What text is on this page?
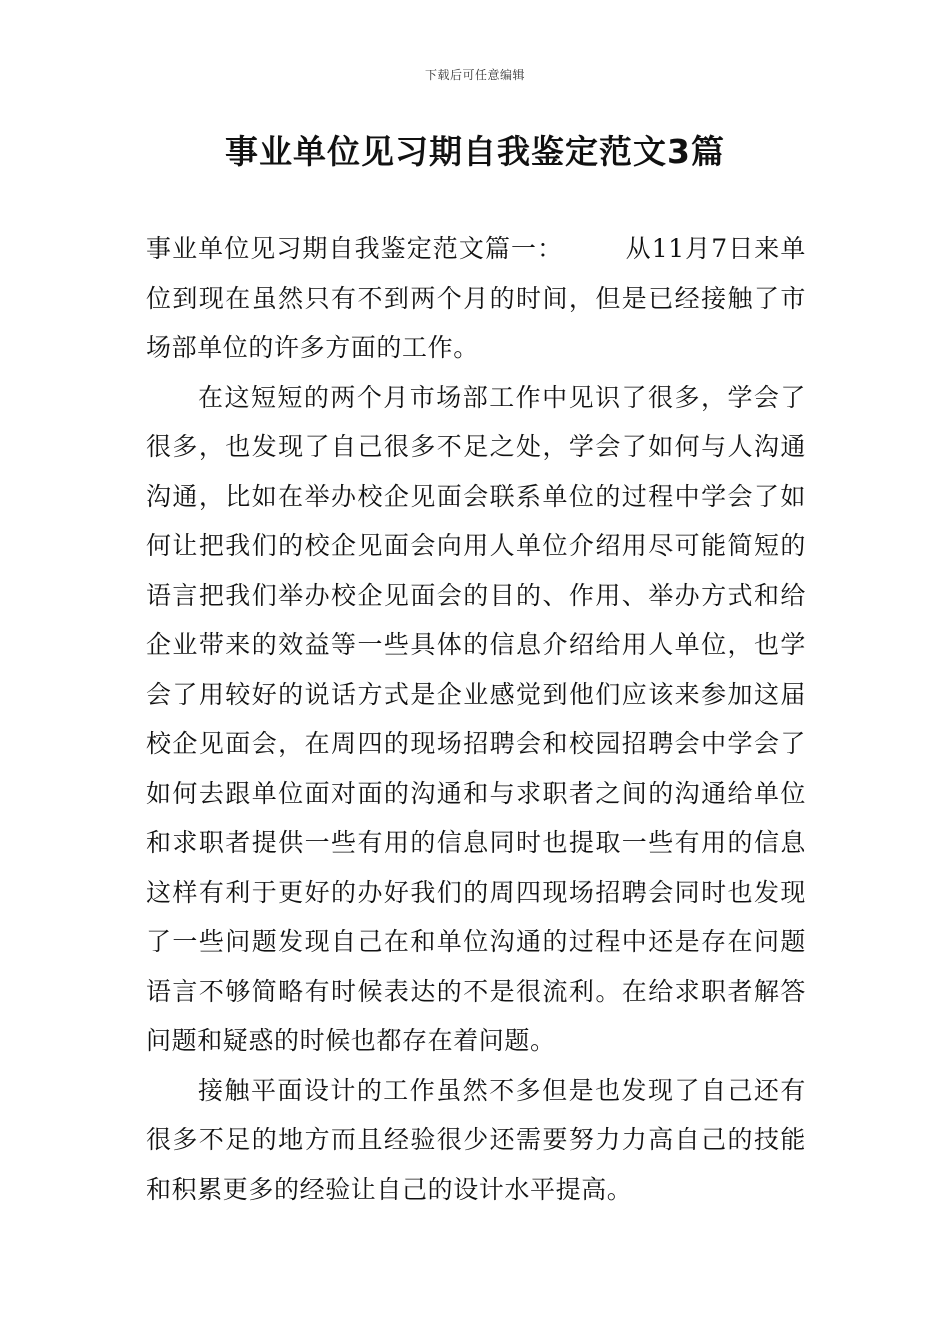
下载后可任意编辑
事业单位见习期自我鉴定范文3篇

事业单位见习期自我鉴定范文篇一： 从11月7日来单位到现在虽然只有不到两个月的时间，但是已经接触了市场部单位的许多方面的工作。

在这短短的两个月市场部工作中见识了很多，学会了很多，也发现了自己很多不足之处，学会了如何与人沟通沟通，比如在举办校企见面会联系单位的过程中学会了如何让把我们的校企见面会向用人单位介绍用尽可能简短的语言把我们举办校企见面会的目的、作用、举办方式和给企业带来的效益等一些具体的信息介绍给用人单位，也学会了用较好的说话方式是企业感觉到他们应该来参加这届校企见面会，在周四的现场招聘会和校园招聘会中学会了如何去跟单位面对面的沟通和与求职者之间的沟通给单位和求职者提供一些有用的信息同时也提取一些有用的信息这样有利于更好的办好我们的周四现场招聘会同时也发现了一些问题发现自己在和单位沟通的过程中还是存在问题语言不够简略有时候表达的不是很流利。在给求职者解答问题和疑惑的时候也都存在着问题。

接触平面设计的工作虽然不多但是也发现了自己还有很多不足的地方而且经验很少还需要努力力高自己的技能和积累更多的经验让自己的设计水平提高。
